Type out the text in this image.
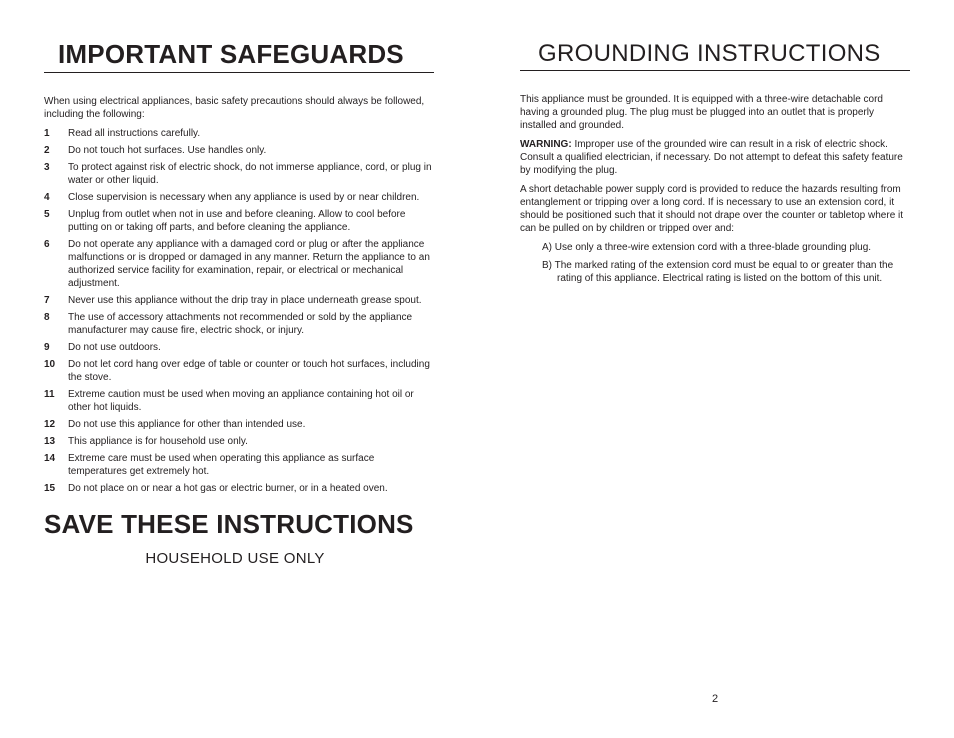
IMPORTANT SAFEGUARDS

When using electrical appliances, basic safety precautions should always be followed, including the following:

1	Read all instructions carefully.
2	Do not touch hot surfaces. Use handles only.
3	To protect against risk of electric shock, do not immerse appliance, cord, or plug in water or other liquid.
4	Close supervision is necessary when any appliance is used by or near children.
5	Unplug from outlet when not in use and before cleaning. Allow to cool before putting on or taking off parts, and before cleaning the appliance.
6	Do not operate any appliance with a damaged cord or plug or after the appliance malfunctions or is dropped or damaged in any manner. Return the appliance to an authorized service facility for examination, repair, or electrical or mechanical adjustment.
7	Never use this appliance without the drip tray in place underneath grease spout.
8	The use of accessory attachments not recommended or sold by the appliance manufacturer may cause fire, electric shock, or injury.
9	Do not use outdoors.
10	Do not let cord hang over edge of table or counter or touch hot surfaces, including the stove.
11	Extreme caution must be used when moving an appliance containing hot oil or other hot liquids.
12	Do not use this appliance for other than intended use.
13	This appliance is for household use only.
14	Extreme care must be used when operating this appliance as surface temperatures get extremely hot.
15	Do not place on or near a hot gas or electric burner, or in a heated oven.
SAVE THESE INSTRUCTIONS

HOUSEHOLD USE ONLY

GROUNDING INSTRUCTIONS

This appliance must be grounded. It is equipped with a three-wire detachable cord having a grounded plug. The plug must be plugged into an outlet that is properly installed and grounded.

WARNING: Improper use of the grounded wire can result in a risk of electric shock. Consult a qualified electrician, if necessary. Do not attempt to defeat this safety feature by modifying the plug.

A short detachable power supply cord is provided to reduce the hazards resulting from entanglement or tripping over a long cord. If is necessary to use an extension cord, it should be positioned such that it should not drape over the counter or tabletop where it can be pulled on by children or tripped over and:

A) Use only a three-wire extension cord with a three-blade grounding plug.
B) The marked rating of the extension cord must be equal to or greater than the rating of this appliance. Electrical rating is listed on the bottom of this unit.
2
